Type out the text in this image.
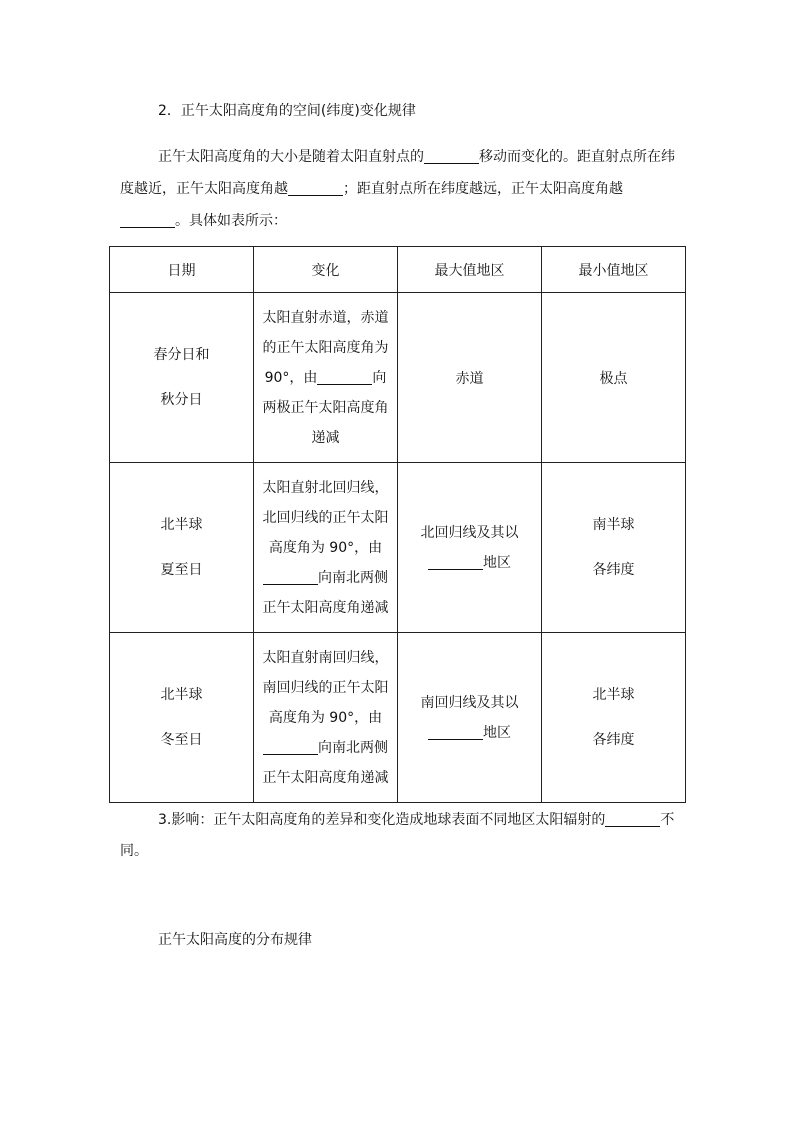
2．正午太阳高度角的空间(纬度)变化规律
正午太阳高度角的大小是随着太阳直射点的	移动而变化的。距直射点所在纬
度越近，正午太阳高度角越	；距直射点所在纬度越远，正午太阳高度角越
。具体如表所示：
日期	变化	最大值地区	最小值地区

春分日和
秋分日	太阳直射赤道，赤道
的正午太阳高度角为
90°，由 向
两极正午太阳高度角
递减	赤道	极点

北半球
夏至日	太阳直射北回归线，
北回归线的正午太阳
高度角为 90°，由
向南北两侧
正午太阳高度角递减	北回归线及其以
地区	南半球
各纬度

北半球
冬至日	太阳直射南回归线，
南回归线的正午太阳
高度角为 90°，由
向南北两侧
正午太阳高度角递减	南回归线及其以
地区	北半球
各纬度
3.影响：正午太阳高度角的差异和变化造成地球表面不同地区太阳辐射的	不
同。
正午太阳高度的分布规律
